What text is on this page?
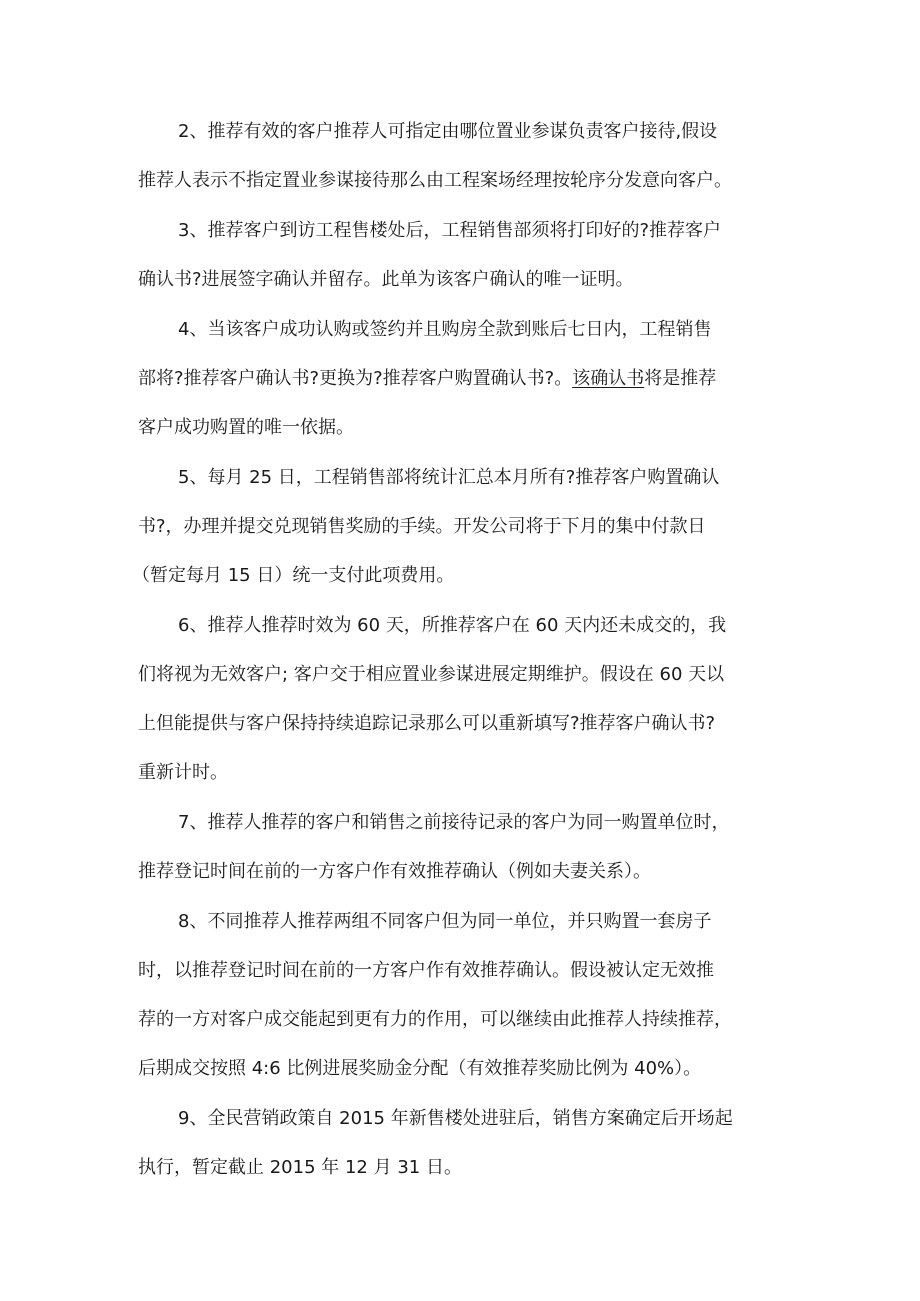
2、推荐有效的客户推荐人可指定由哪位置业参谋负责客户接待,假设
推荐人表示不指定置业参谋接待那么由工程案场经理按轮序分发意向客户。
3、推荐客户到访工程售楼处后，工程销售部须将打印好的?推荐客户
确认书?进展签字确认并留存。此单为该客户确认的唯一证明。
4、当该客户成功认购或签约并且购房全款到账后七日内，工程销售
部将?推荐客户确认书?更换为?推荐客户购置确认书?。该确认书将是推荐
客户成功购置的唯一依据。
5、每月 25 日，工程销售部将统计汇总本月所有?推荐客户购置确认
书?，办理并提交兑现销售奖励的手续。开发公司将于下月的集中付款日
（暂定每月 15 日）统一支付此项费用。
6、推荐人推荐时效为 60 天，所推荐客户在 60 天内还未成交的，我
们将视为无效客户; 客户交于相应置业参谋进展定期维护。假设在 60 天以
上但能提供与客户保持持续追踪记录那么可以重新填写?推荐客户确认书?
重新计时。
7、推荐人推荐的客户和销售之前接待记录的客户为同一购置单位时，
推荐登记时间在前的一方客户作有效推荐确认（例如夫妻关系）。
8、不同推荐人推荐两组不同客户但为同一单位，并只购置一套房子
时，以推荐登记时间在前的一方客户作有效推荐确认。假设被认定无效推
荐的一方对客户成交能起到更有力的作用，可以继续由此推荐人持续推荐，
后期成交按照 4:6 比例进展奖励金分配（有效推荐奖励比例为 40%）。
9、全民营销政策自 2015 年新售楼处进驻后，销售方案确定后开场起
执行，暂定截止 2015 年 12 月 31 日。
